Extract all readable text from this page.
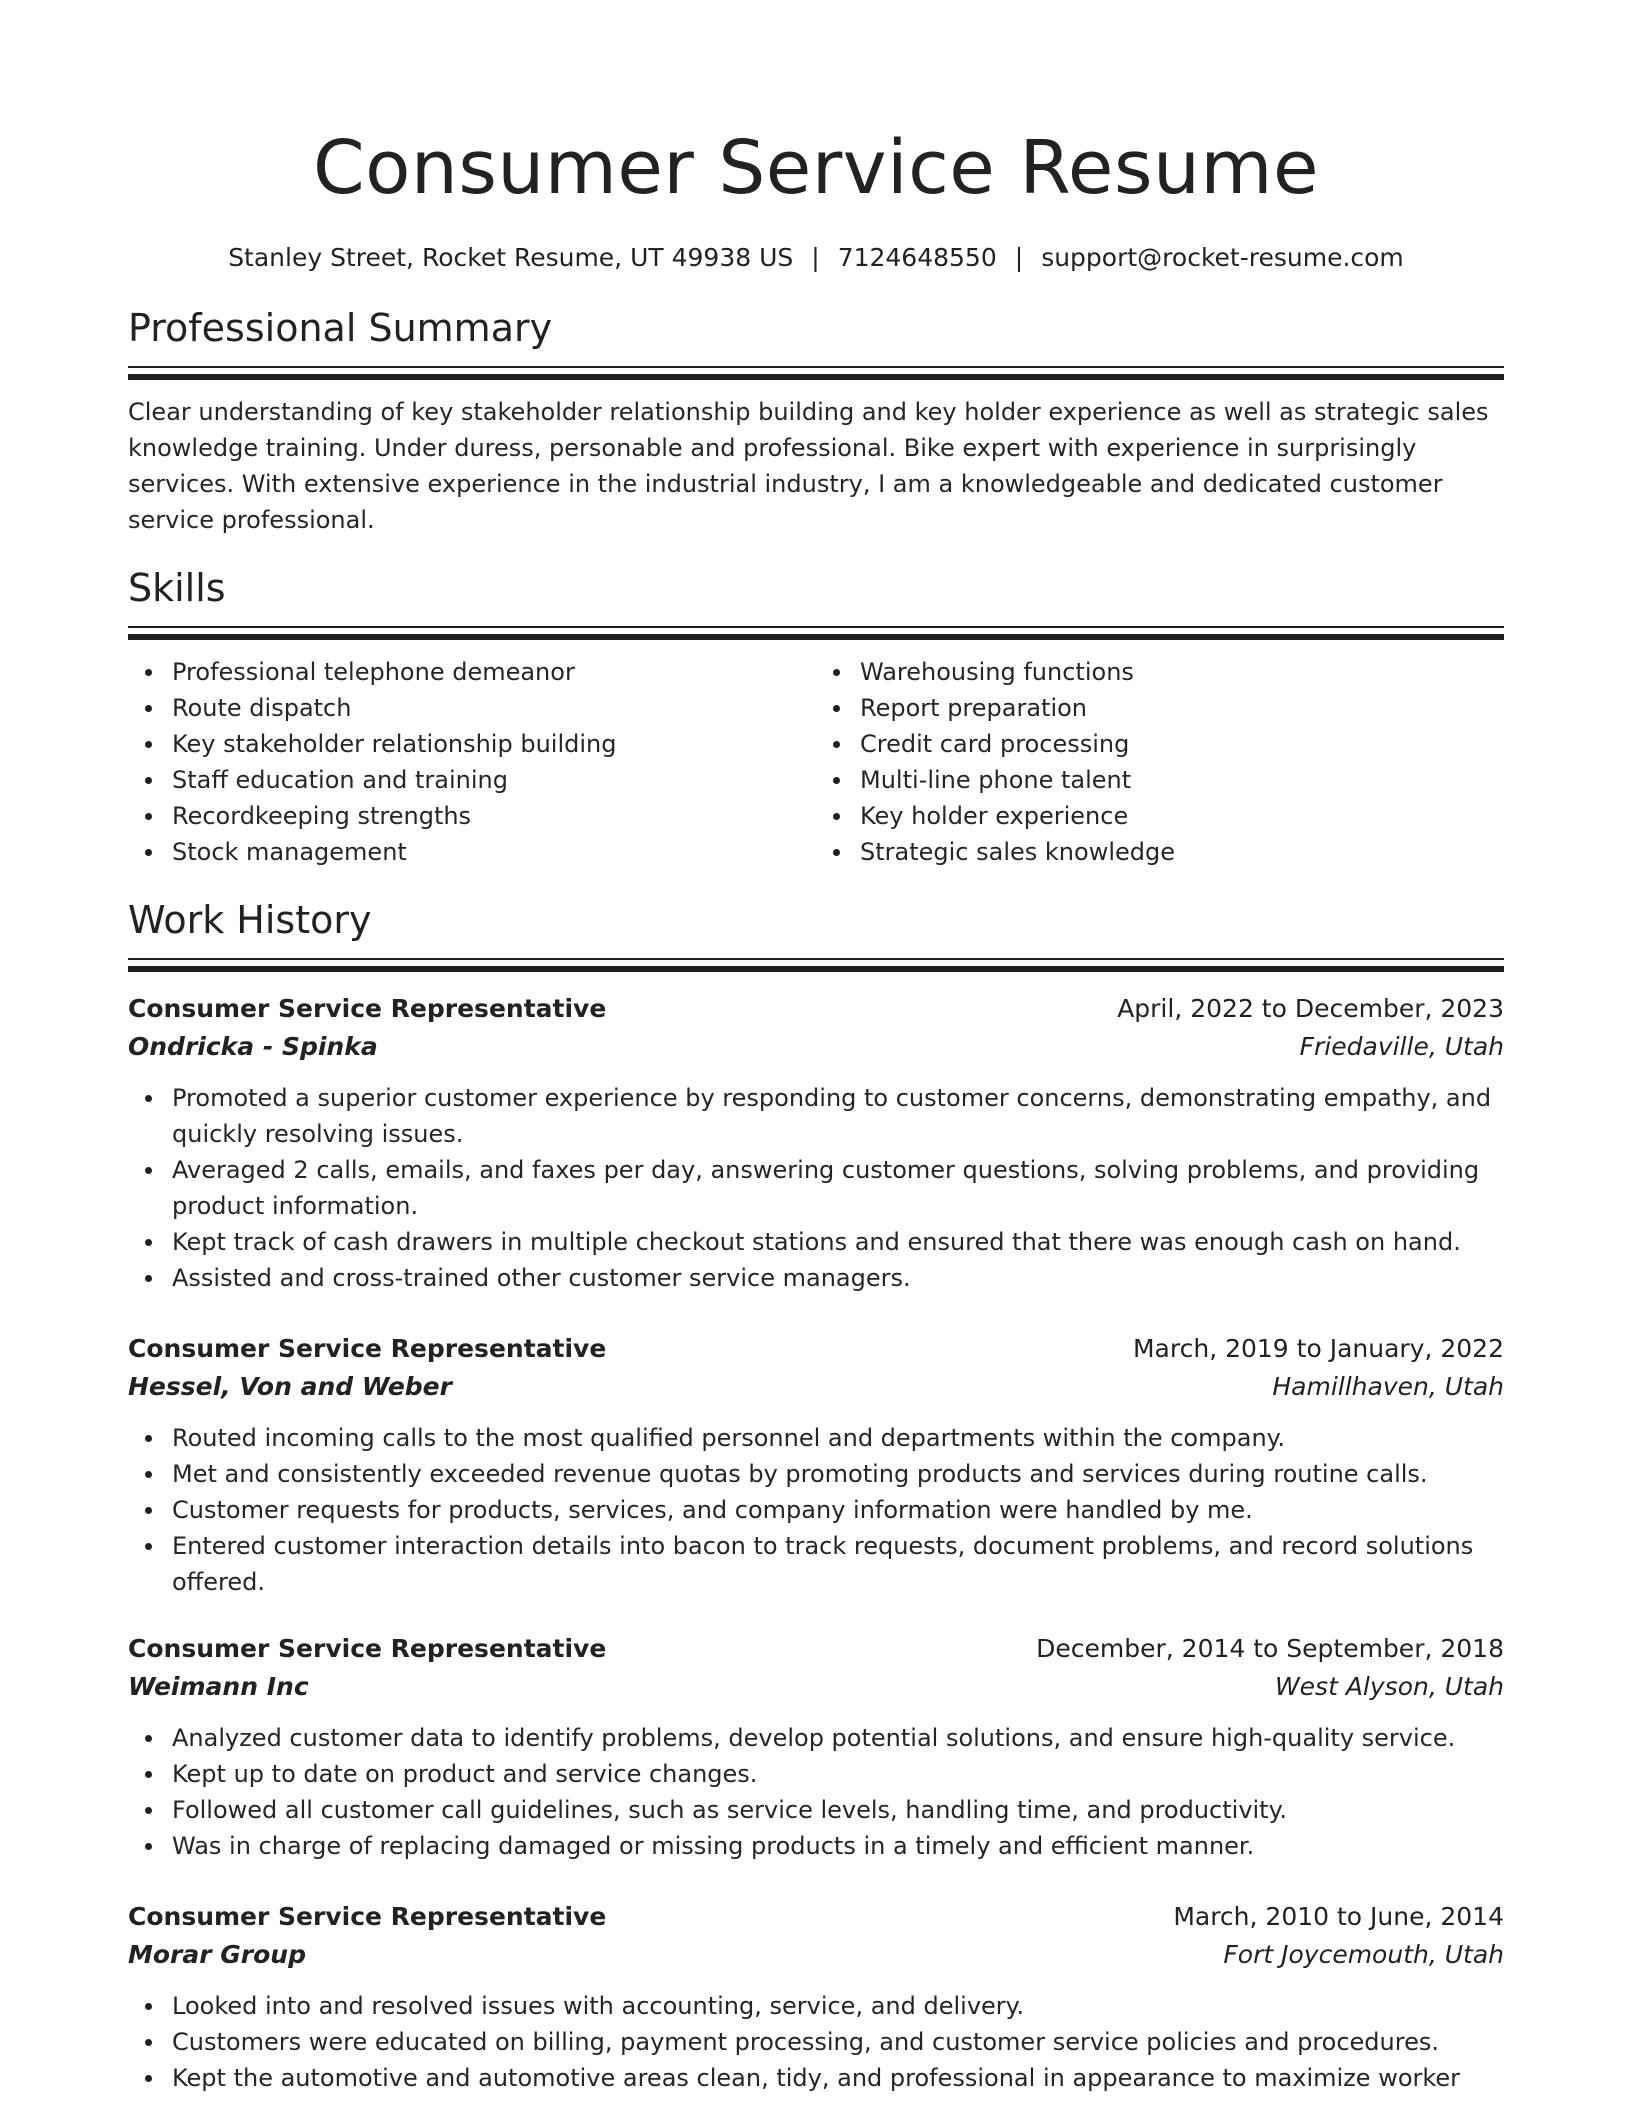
Consumer Service Resume
Stanley Street, Rocket Resume, UT 49938 US | 7124648550 | support@rocket-resume.com
Professional Summary

Clear understanding of key stakeholder relationship building and key holder experience as well as strategic sales knowledge training. Under duress, personable and professional. Bike expert with experience in surprisingly services. With extensive experience in the industrial industry, I am a knowledgeable and dedicated customer service professional.

Skills
Professional telephone demeanor
Route dispatch
Key stakeholder relationship building
Staff education and training
Recordkeeping strengths
Stock management
Warehousing functions
Report preparation
Credit card processing
Multi-line phone talent
Key holder experience
Strategic sales knowledge
Work History
Consumer Service Representative	April, 2022 to December, 2023
Ondricka - Spinka	Friedaville, Utah
Promoted a superior customer experience by responding to customer concerns, demonstrating empathy, and quickly resolving issues.
Averaged 2 calls, emails, and faxes per day, answering customer questions, solving problems, and providing product information.
Kept track of cash drawers in multiple checkout stations and ensured that there was enough cash on hand.
Assisted and cross-trained other customer service managers.
Consumer Service Representative	March, 2019 to January, 2022
Hessel, Von and Weber	Hamillhaven, Utah
Routed incoming calls to the most qualified personnel and departments within the company.
Met and consistently exceeded revenue quotas by promoting products and services during routine calls.
Customer requests for products, services, and company information were handled by me.
Entered customer interaction details into bacon to track requests, document problems, and record solutions offered.
Consumer Service Representative	December, 2014 to September, 2018
Weimann Inc	West Alyson, Utah
Analyzed customer data to identify problems, develop potential solutions, and ensure high-quality service.
Kept up to date on product and service changes.
Followed all customer call guidelines, such as service levels, handling time, and productivity.
Was in charge of replacing damaged or missing products in a timely and efficient manner.
Consumer Service Representative	March, 2010 to June, 2014
Morar Group	Fort Joycemouth, Utah
Looked into and resolved issues with accounting, service, and delivery.
Customers were educated on billing, payment processing, and customer service policies and procedures.
Kept the automotive and automotive areas clean, tidy, and professional in appearance to maximize worker
